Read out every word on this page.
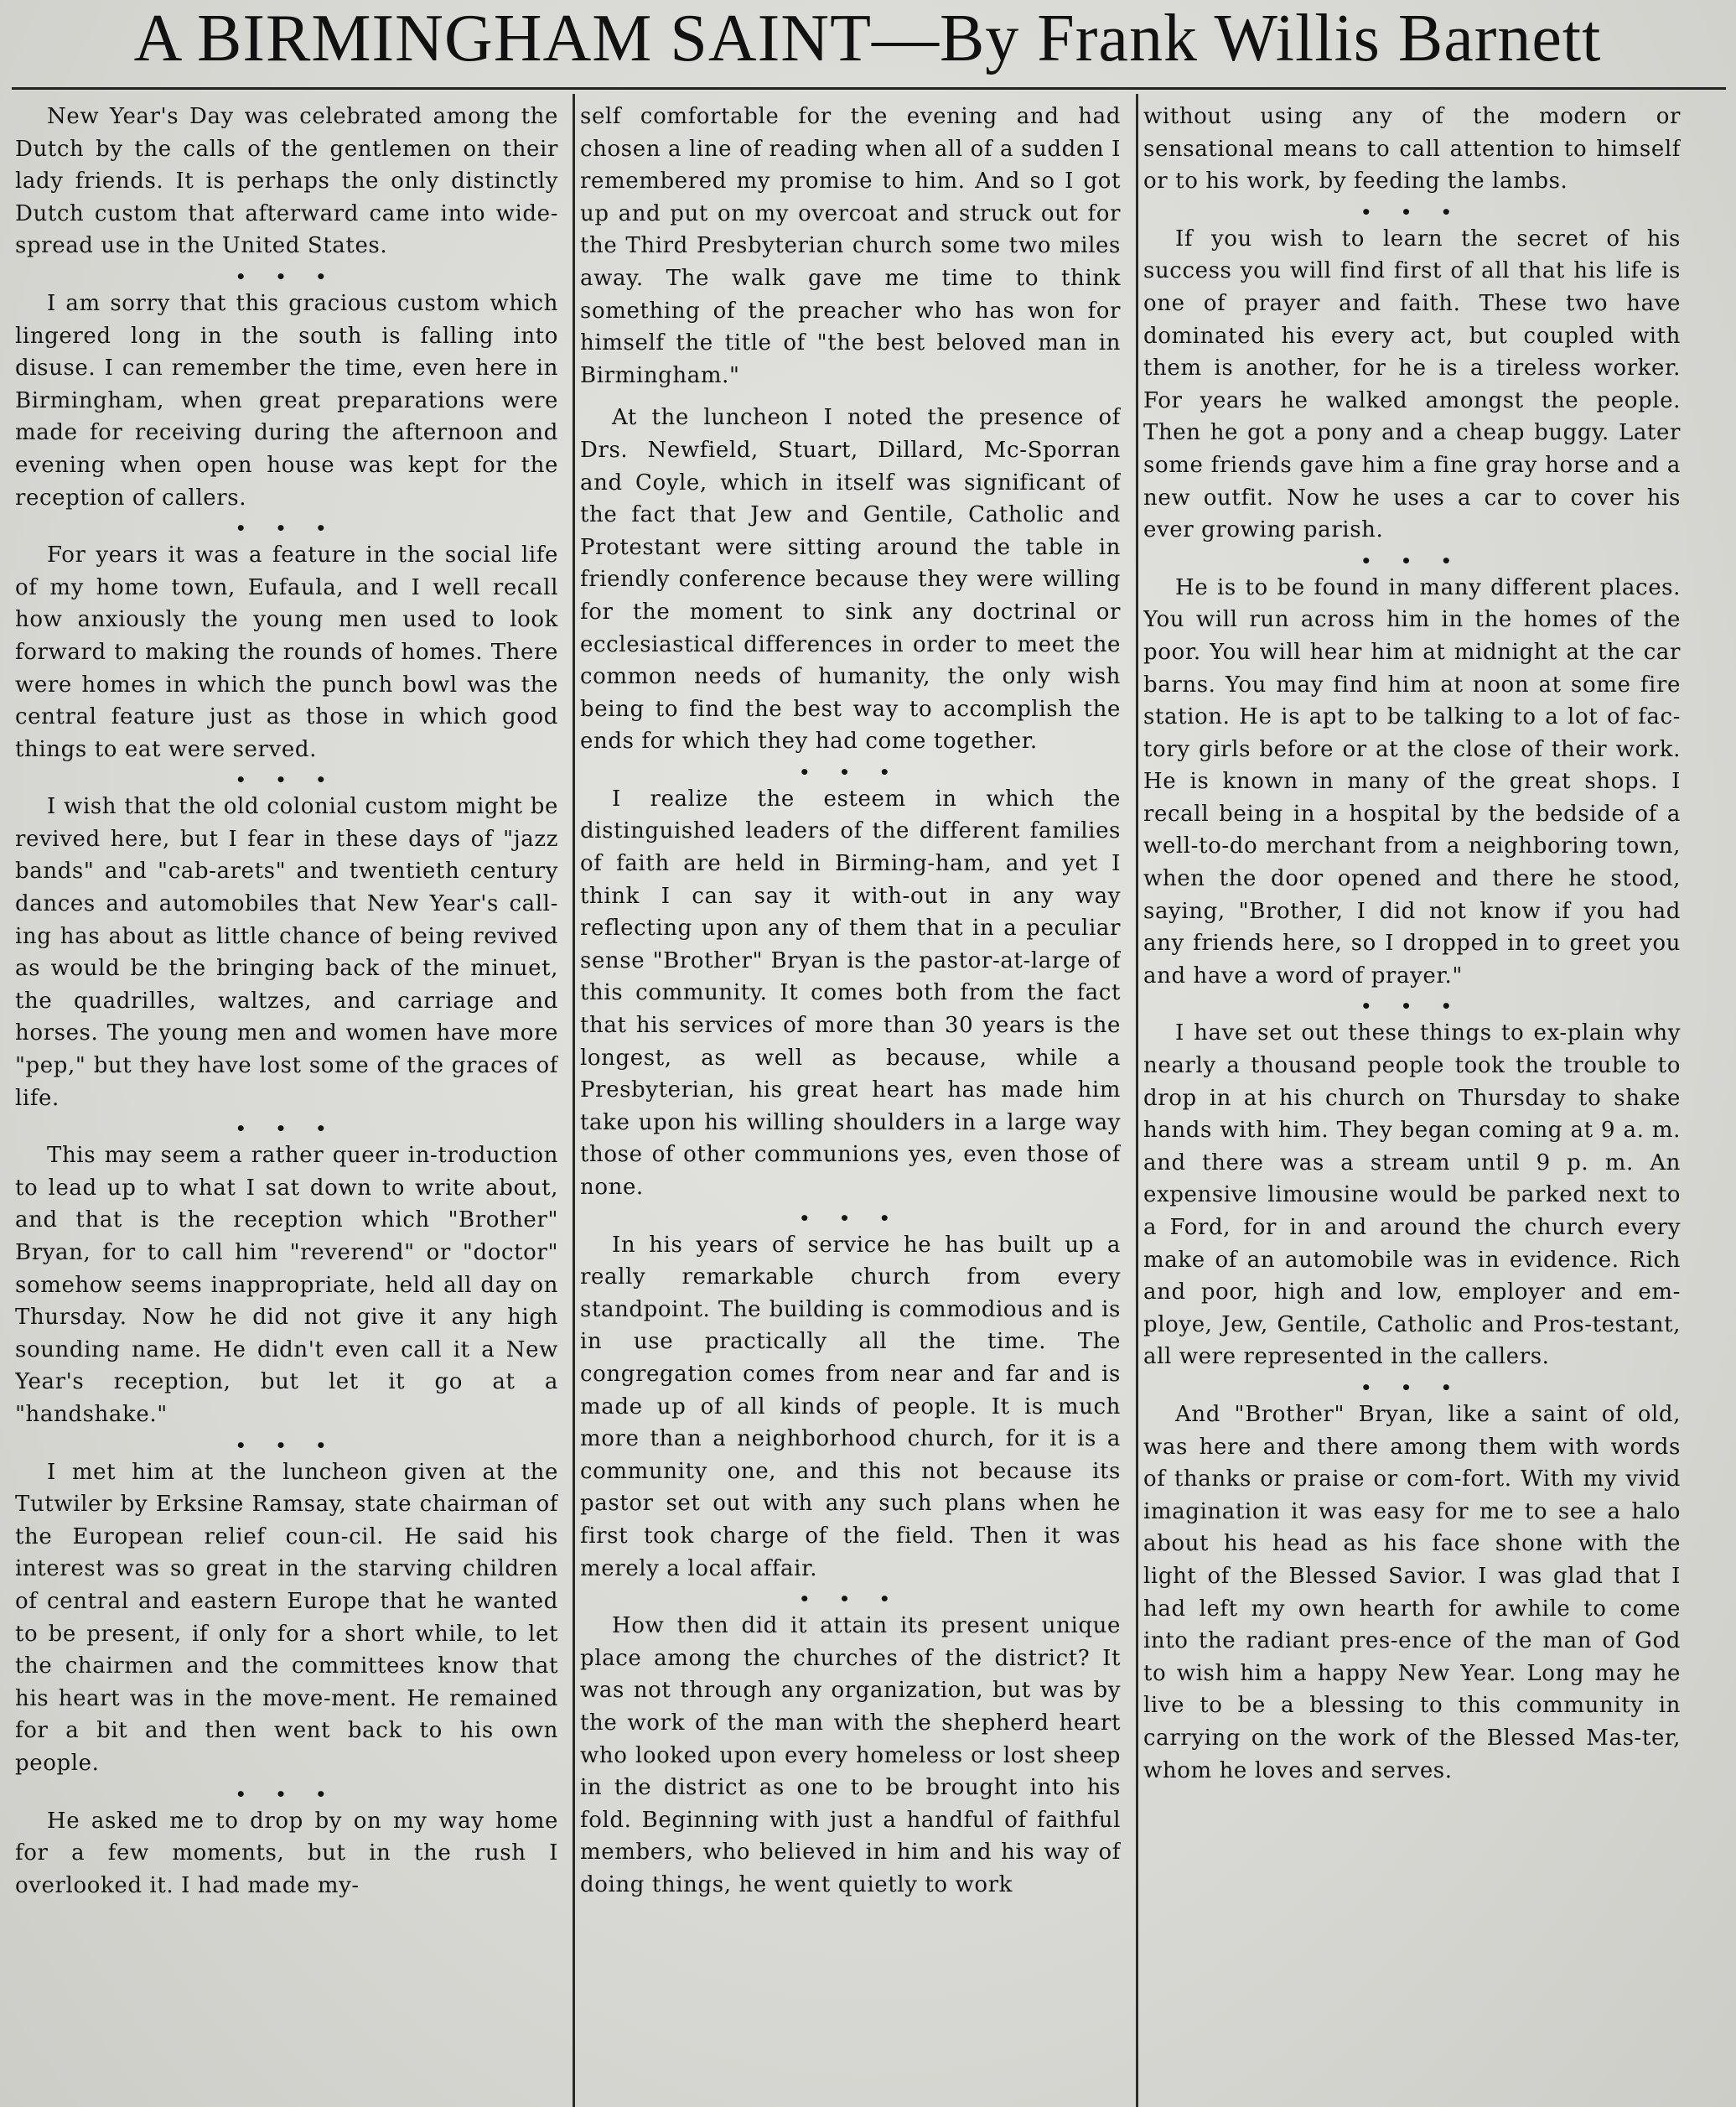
A BIRMINGHAM SAINT—By Frank Willis Barnett

New Year's Day was celebrated among the Dutch by the calls of the gentlemen on their lady friends. It is perhaps the only distinctly Dutch custom that afterward came into wide-spread use in the United States.

• • •

I am sorry that this gracious custom which lingered long in the south is falling into disuse. I can remember the time, even here in Birmingham, when great preparations were made for receiving during the afternoon and evening when open house was kept for the reception of callers.

• • •

For years it was a feature in the social life of my home town, Eufaula, and I well recall how anxiously the young men used to look forward to making the rounds of homes. There were homes in which the punch bowl was the central feature just as those in which good things to eat were served.

• • •

I wish that the old colonial custom might be revived here, but I fear in these days of "jazz bands" and "cab-arets" and twentieth century dances and automobiles that New Year's call-ing has about as little chance of being revived as would be the bringing back of the minuet, the quadrilles, waltzes, and carriage and horses. The young men and women have more "pep," but they have lost some of the graces of life.

• • •

This may seem a rather queer in-troduction to lead up to what I sat down to write about, and that is the reception which "Brother" Bryan, for to call him "reverend" or "doctor" somehow seems inappropriate, held all day on Thursday. Now he did not give it any high sounding name. He didn't even call it a New Year's reception, but let it go at a "handshake."

• • •

I met him at the luncheon given at the Tutwiler by Erksine Ramsay, state chairman of the European relief coun-cil. He said his interest was so great in the starving children of central and eastern Europe that he wanted to be present, if only for a short while, to let the chairmen and the committees know that his heart was in the move-ment. He remained for a bit and then went back to his own people.

• • •

He asked me to drop by on my way home for a few moments, but in the rush I overlooked it. I had made my-

self comfortable for the evening and had chosen a line of reading when all of a sudden I remembered my promise to him. And so I got up and put on my overcoat and struck out for the Third Presbyterian church some two miles away. The walk gave me time to think something of the preacher who has won for himself the title of "the best beloved man in Birmingham."

At the luncheon I noted the presence of Drs. Newfield, Stuart, Dillard, Mc-Sporran and Coyle, which in itself was significant of the fact that Jew and Gentile, Catholic and Protestant were sitting around the table in friendly conference because they were willing for the moment to sink any doctrinal or ecclesiastical differences in order to meet the common needs of humanity, the only wish being to find the best way to accomplish the ends for which they had come together.

• • •

I realize the esteem in which the distinguished leaders of the different families of faith are held in Birming-ham, and yet I think I can say it with-out in any way reflecting upon any of them that in a peculiar sense "Brother" Bryan is the pastor-at-large of this community. It comes both from the fact that his services of more than 30 years is the longest, as well as because, while a Presbyterian, his great heart has made him take upon his willing shoulders in a large way those of other communions yes, even those of none.

• • •

In his years of service he has built up a really remarkable church from every standpoint. The building is commodious and is in use practically all the time. The congregation comes from near and far and is made up of all kinds of people. It is much more than a neighborhood church, for it is a community one, and this not because its pastor set out with any such plans when he first took charge of the field. Then it was merely a local affair.

• • •

How then did it attain its present unique place among the churches of the district? It was not through any organization, but was by the work of the man with the shepherd heart who looked upon every homeless or lost sheep in the district as one to be brought into his fold. Beginning with just a handful of faithful members, who believed in him and his way of doing things, he went quietly to work

without using any of the modern or sensational means to call attention to himself or to his work, by feeding the lambs.

• • •

If you wish to learn the secret of his success you will find first of all that his life is one of prayer and faith. These two have dominated his every act, but coupled with them is another, for he is a tireless worker. For years he walked amongst the people. Then he got a pony and a cheap buggy. Later some friends gave him a fine gray horse and a new outfit. Now he uses a car to cover his ever growing parish.

• • •

He is to be found in many different places. You will run across him in the homes of the poor. You will hear him at midnight at the car barns. You may find him at noon at some fire station. He is apt to be talking to a lot of fac-tory girls before or at the close of their work. He is known in many of the great shops. I recall being in a hospital by the bedside of a well-to-do merchant from a neighboring town, when the door opened and there he stood, saying, "Brother, I did not know if you had any friends here, so I dropped in to greet you and have a word of prayer."

• • •

I have set out these things to ex-plain why nearly a thousand people took the trouble to drop in at his church on Thursday to shake hands with him. They began coming at 9 a. m. and there was a stream until 9 p. m. An expensive limousine would be parked next to a Ford, for in and around the church every make of an automobile was in evidence. Rich and poor, high and low, employer and em-ploye, Jew, Gentile, Catholic and Pros-testant, all were represented in the callers.

• • •

And "Brother" Bryan, like a saint of old, was here and there among them with words of thanks or praise or com-fort. With my vivid imagination it was easy for me to see a halo about his head as his face shone with the light of the Blessed Savior. I was glad that I had left my own hearth for awhile to come into the radiant pres-ence of the man of God to wish him a happy New Year. Long may he live to be a blessing to this community in carrying on the work of the Blessed Mas-ter, whom he loves and serves.
